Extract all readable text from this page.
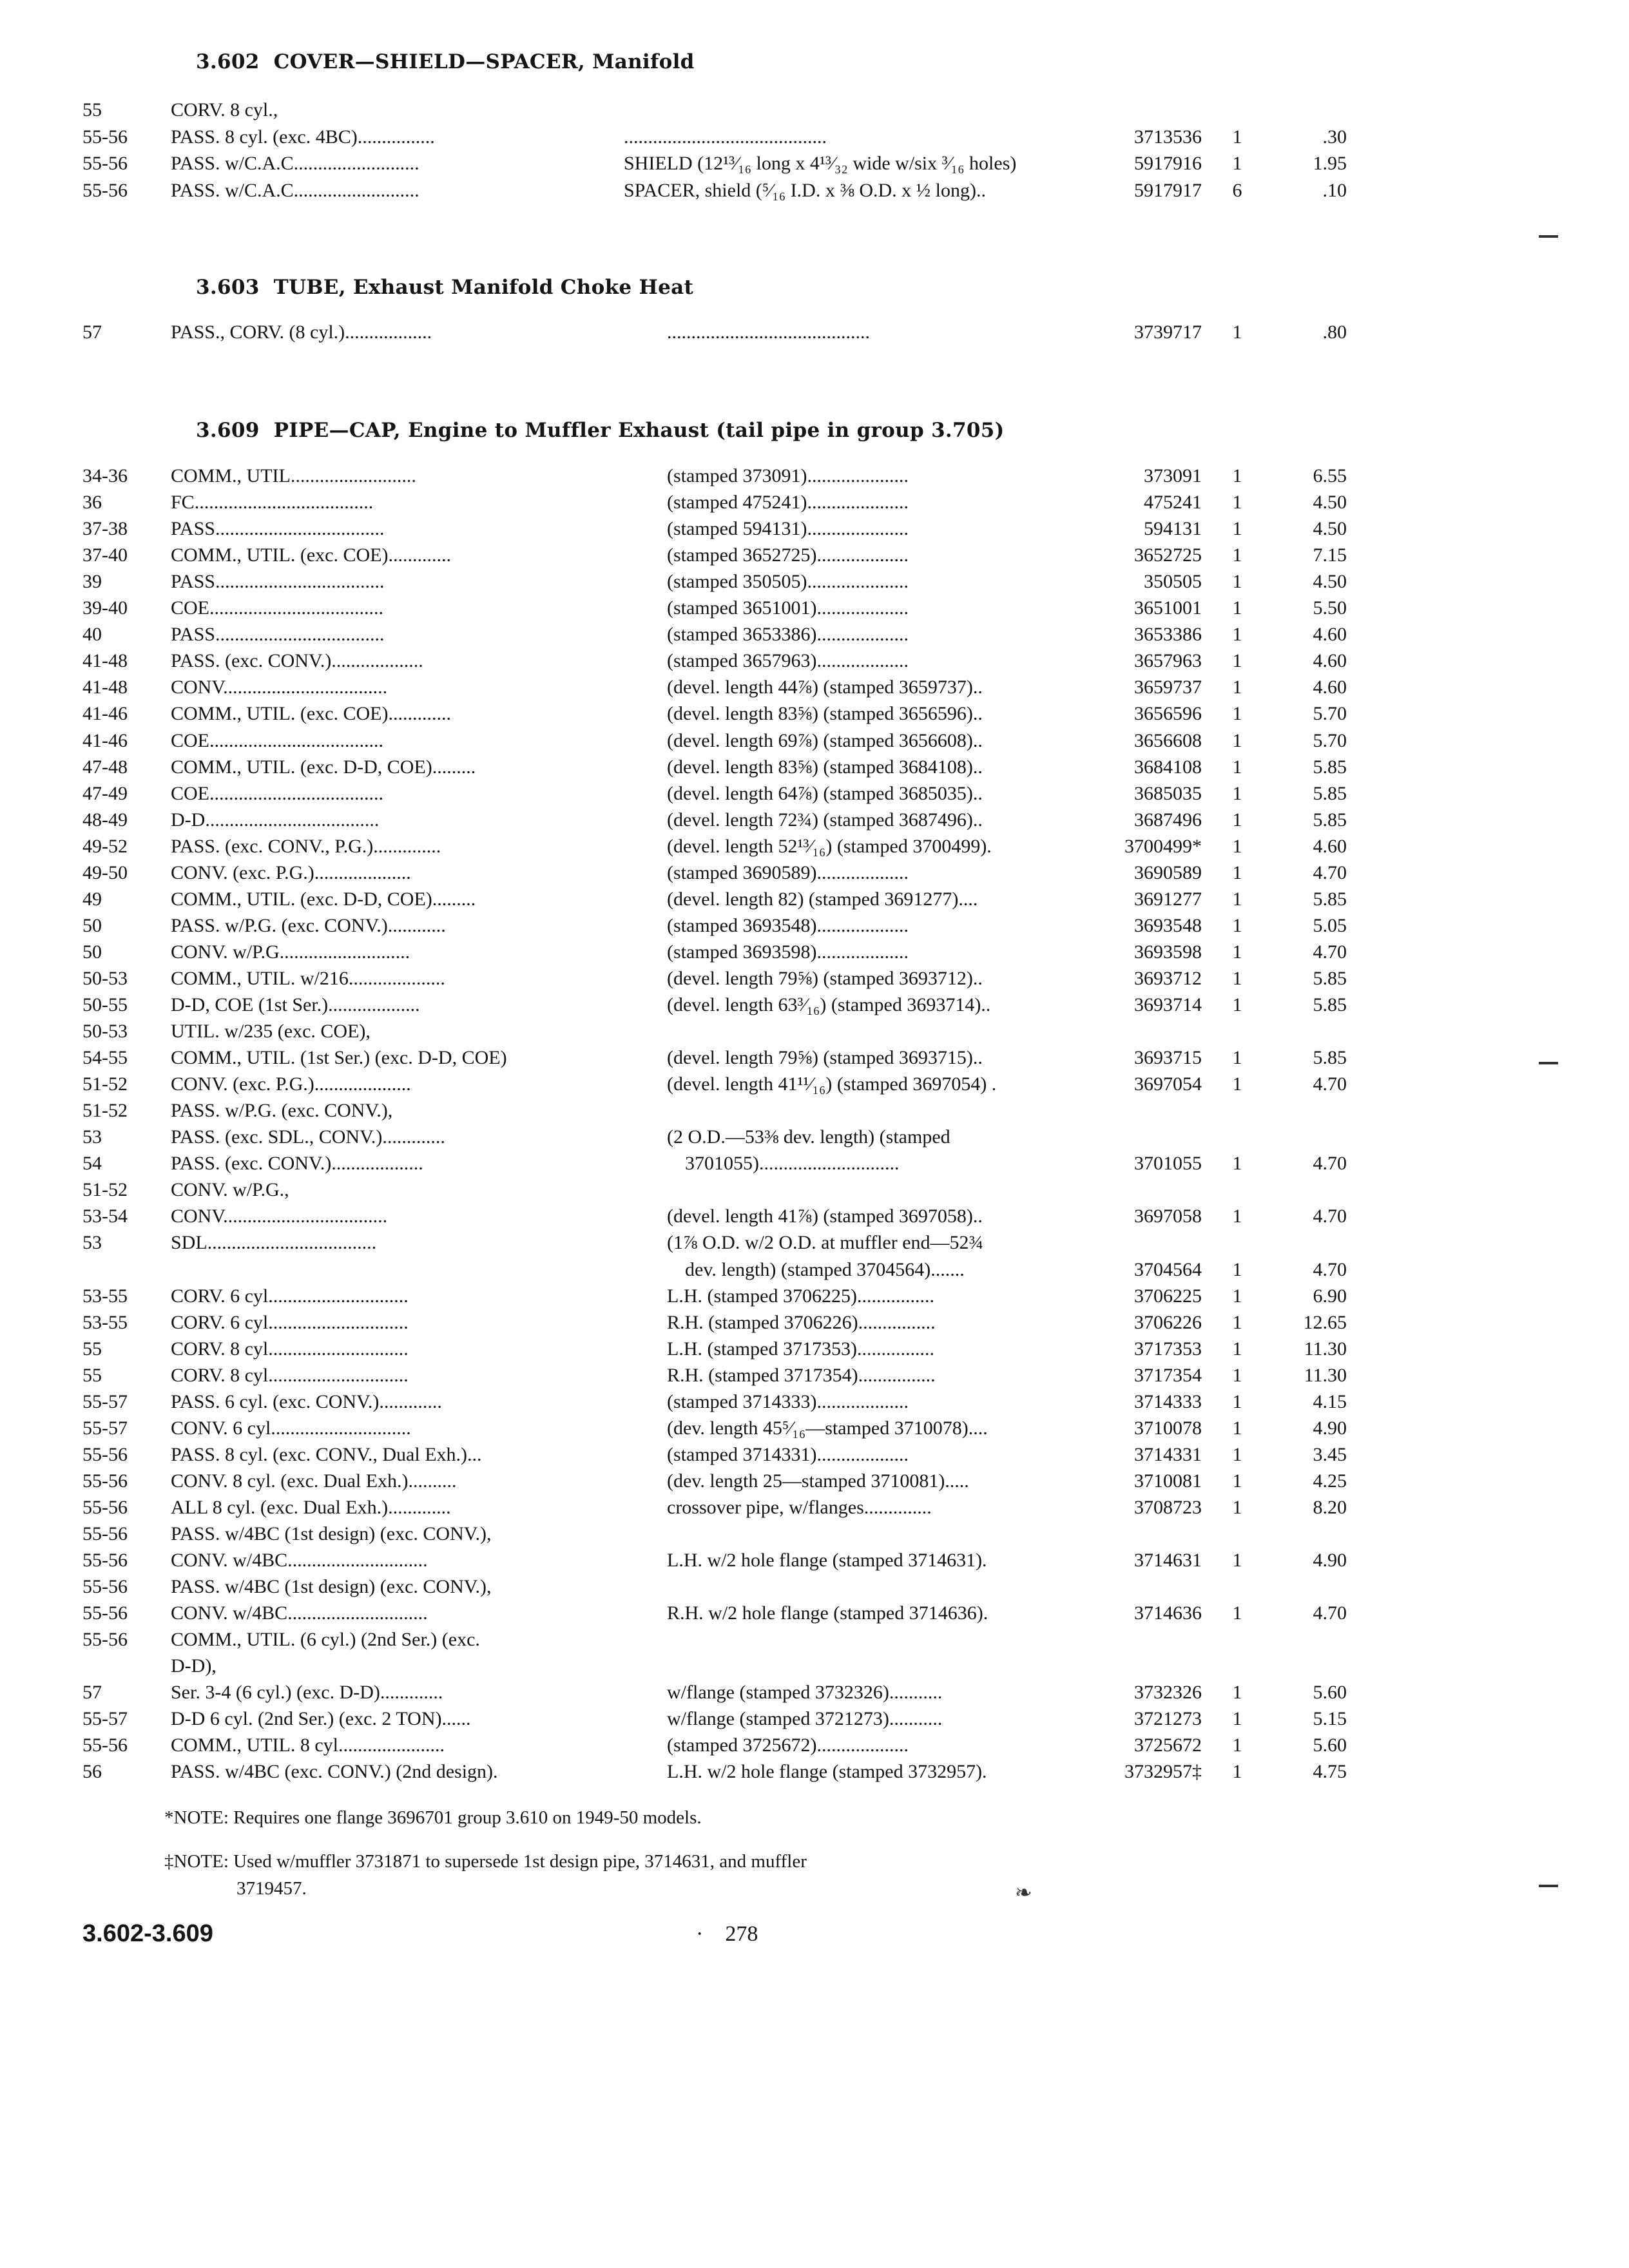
3.602 COVER—SHIELD—SPACER, Manifold
3.603 TUBE, Exhaust Manifold Choke Heat
3.609 PIPE—CAP, Engine to Muffler Exhaust (tail pipe in group 3.705)
55	CORV. 8 cyl.,
55-56 PASS. 8 cyl. (exc. 4BC)................	..........................................	3713536 1	.30
55-56 PASS. w/C.A.C..........................	SHIELD (12¹³⁄₁₆ long x 4¹³⁄₃₂ wide w/six ³⁄₁₆ holes)	5917916 1	1.95
55-56 PASS. w/C.A.C..........................	SPACER, shield (⁵⁄₁₆ I.D. x ⅜ O.D. x ½ long)..	5917917 6	.10
57	PASS., CORV. (8 cyl.)..................	..........................................	3739717 1	.80
34-36 COMM., UTIL..........................	(stamped 373091).....................	373091 1	6.55
36	FC.....................................	(stamped 475241).....................	475241 1	4.50
37-38 PASS...................................	(stamped 594131).....................	594131 1	4.50
37-40 COMM., UTIL. (exc. COE).............	(stamped 3652725)...................	3652725 1	7.15
39	PASS...................................	(stamped 350505).....................	350505 1	4.50
39-40 COE....................................	(stamped 3651001)...................	3651001 1	5.50
40	PASS...................................	(stamped 3653386)...................	3653386 1	4.60
41-48 PASS. (exc. CONV.)...................	(stamped 3657963)...................	3657963 1	4.60
41-48 CONV..................................	(devel. length 44⅞) (stamped 3659737)..	3659737 1	4.60
41-46 COMM., UTIL. (exc. COE).............	(devel. length 83⅝) (stamped 3656596)..	3656596 1	5.70
41-46 COE....................................	(devel. length 69⅞) (stamped 3656608)..	3656608 1	5.70
47-48 COMM., UTIL. (exc. D-D, COE).........	(devel. length 83⅝) (stamped 3684108)..	3684108 1	5.85
47-49 COE....................................	(devel. length 64⅞) (stamped 3685035)..	3685035 1	5.85
48-49 D-D....................................	(devel. length 72¾) (stamped 3687496)..	3687496 1	5.85
49-52 PASS. (exc. CONV., P.G.)..............	(devel. length 52¹³⁄₁₆) (stamped 3700499).	3700499* 1	4.60
49-50 CONV. (exc. P.G.)....................	(stamped 3690589)...................	3690589 1	4.70
49	COMM., UTIL. (exc. D-D, COE).........	(devel. length 82) (stamped 3691277)....	3691277 1	5.85
50	PASS. w/P.G. (exc. CONV.)............	(stamped 3693548)...................	3693548 1	5.05
50	CONV. w/P.G...........................	(stamped 3693598)...................	3693598 1	4.70
50-53 COMM., UTIL. w/216....................	(devel. length 79⅝) (stamped 3693712)..	3693712 1	5.85
50-55 D-D, COE (1st Ser.)...................	(devel. length 63³⁄₁₆) (stamped 3693714)..	3693714 1	5.85
50-53 UTIL. w/235 (exc. COE),
54-55 COMM., UTIL. (1st Ser.) (exc. D-D, COE)	(devel. length 79⅝) (stamped 3693715)..	3693715 1	5.85
51-52 CONV. (exc. P.G.)....................	(devel. length 41¹¹⁄₁₆) (stamped 3697054) .	3697054 1	4.70
51-52 PASS. w/P.G. (exc. CONV.),
53	PASS. (exc. SDL., CONV.).............	(2 O.D.—53⅜ dev. length) (stamped
54	PASS. (exc. CONV.)...................	3701055).............................	3701055 1	4.70
51-52 CONV. w/P.G.,
53-54 CONV..................................	(devel. length 41⅞) (stamped 3697058)..	3697058 1	4.70
53	SDL...................................	(1⅞ O.D. w/2 O.D. at muffler end—52¾
dev. length) (stamped 3704564).......	3704564 1	4.70
53-55 CORV. 6 cyl.............................	L.H. (stamped 3706225)................	3706225 1	6.90
53-55 CORV. 6 cyl.............................	R.H. (stamped 3706226)................	3706226 1	12.65
55	CORV. 8 cyl.............................	L.H. (stamped 3717353)................	3717353 1	11.30
55	CORV. 8 cyl.............................	R.H. (stamped 3717354)................	3717354 1	11.30
55-57 PASS. 6 cyl. (exc. CONV.).............	(stamped 3714333)...................	3714333 1	4.15
55-57 CONV. 6 cyl.............................	(dev. length 45⁵⁄₁₆—stamped 3710078)....	3710078 1	4.90
55-56 PASS. 8 cyl. (exc. CONV., Dual Exh.)...	(stamped 3714331)...................	3714331 1	3.45
55-56 CONV. 8 cyl. (exc. Dual Exh.)..........	(dev. length 25—stamped 3710081).....	3710081 1	4.25
55-56 ALL 8 cyl. (exc. Dual Exh.).............	crossover pipe, w/flanges..............	3708723 1	8.20
55-56 PASS. w/4BC (1st design) (exc. CONV.),
55-56 CONV. w/4BC.............................	L.H. w/2 hole flange (stamped 3714631).	3714631 1	4.90
55-56 PASS. w/4BC (1st design) (exc. CONV.),
55-56 CONV. w/4BC.............................	R.H. w/2 hole flange (stamped 3714636).	3714636 1	4.70
55-56 COMM., UTIL. (6 cyl.) (2nd Ser.) (exc.
D-D),
57	Ser. 3-4 (6 cyl.) (exc. D-D).............	w/flange (stamped 3732326)...........	3732326 1	5.60
55-57 D-D 6 cyl. (2nd Ser.) (exc. 2 TON)......	w/flange (stamped 3721273)...........	3721273 1	5.15
55-56 COMM., UTIL. 8 cyl......................	(stamped 3725672)...................	3725672 1	5.60
56	PASS. w/4BC (exc. CONV.) (2nd design).	L.H. w/2 hole flange (stamped 3732957).	3732957‡ 1	4.75
*NOTE: Requires one flange 3696701 group 3.610 on 1949-50 models.
‡NOTE: Used w/muffler 3731871 to supersede 1st design pipe, 3714631, and muffler
3719457.	❧
3.602-3.609	· 278
